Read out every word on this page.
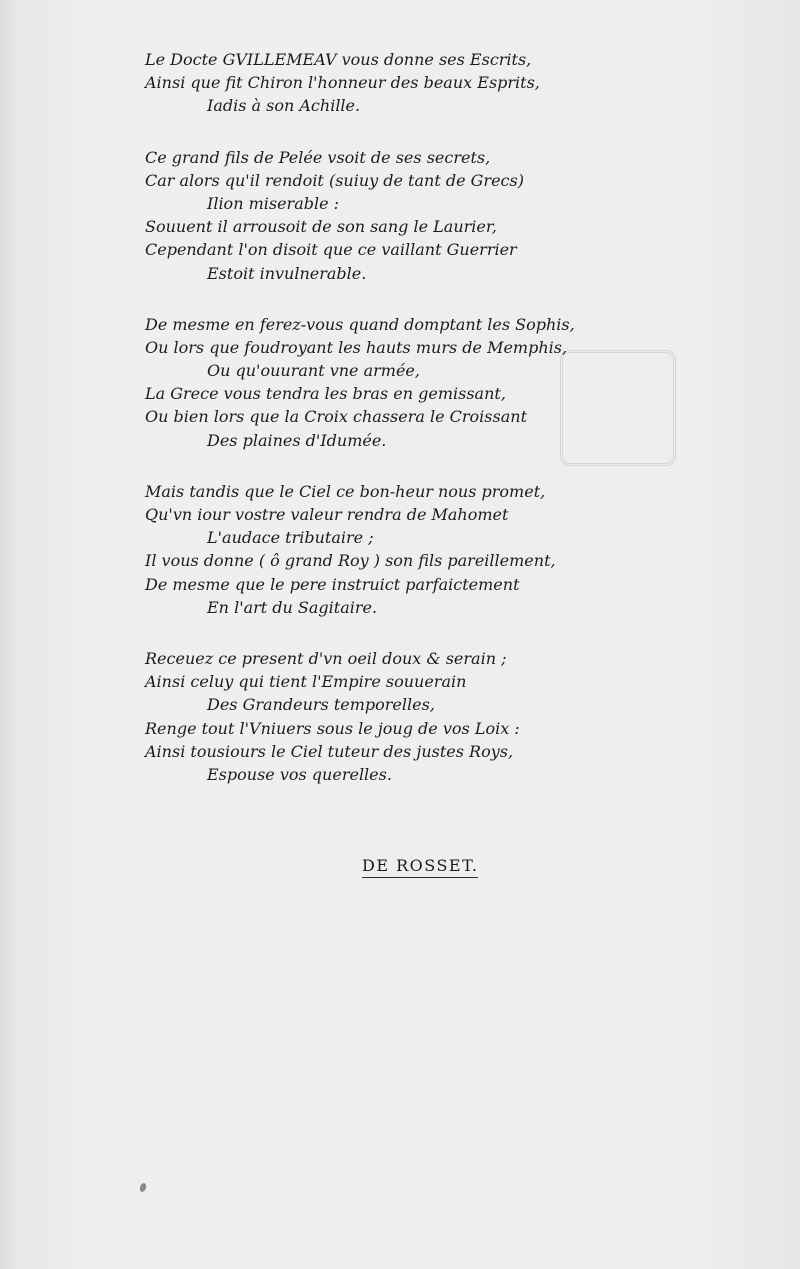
Le Docte GVILLEMEAV vous donne ses Escrits,
Ainsi que fit Chiron l'honneur des beaux Esprits,
Iadis à son Achille.
Ce grand fils de Pelée vsoit de ses secrets,
Car alors qu'il rendoit (suiuy de tant de Grecs)
Ilion miserable :
Souuent il arrousoit de son sang le Laurier,
Cependant l'on disoit que ce vaillant Guerrier
Estoit invulnerable.
De mesme en ferez-vous quand domptant les Sophis,
Ou lors que foudroyant les hauts murs de Memphis,
Ou qu'ouurant vne armée,
La Grece vous tendra les bras en gemissant,
Ou bien lors que la Croix chassera le Croissant
Des plaines d'Idumée.
Mais tandis que le Ciel ce bon-heur nous promet,
Qu'vn iour vostre valeur rendra de Mahomet
L'audace tributaire ;
Il vous donne ( ô grand Roy ) son fils pareillement,
De mesme que le pere instruict parfaictement
En l'art du Sagitaire.
Receuez ce present d'vn oeil doux & serain ;
Ainsi celuy qui tient l'Empire souuerain
Des Grandeurs temporelles,
Renge tout l'Vniuers sous le joug de vos Loix :
Ainsi tousiours le Ciel tuteur des justes Roys,
Espouse vos querelles.
DE ROSSET.
